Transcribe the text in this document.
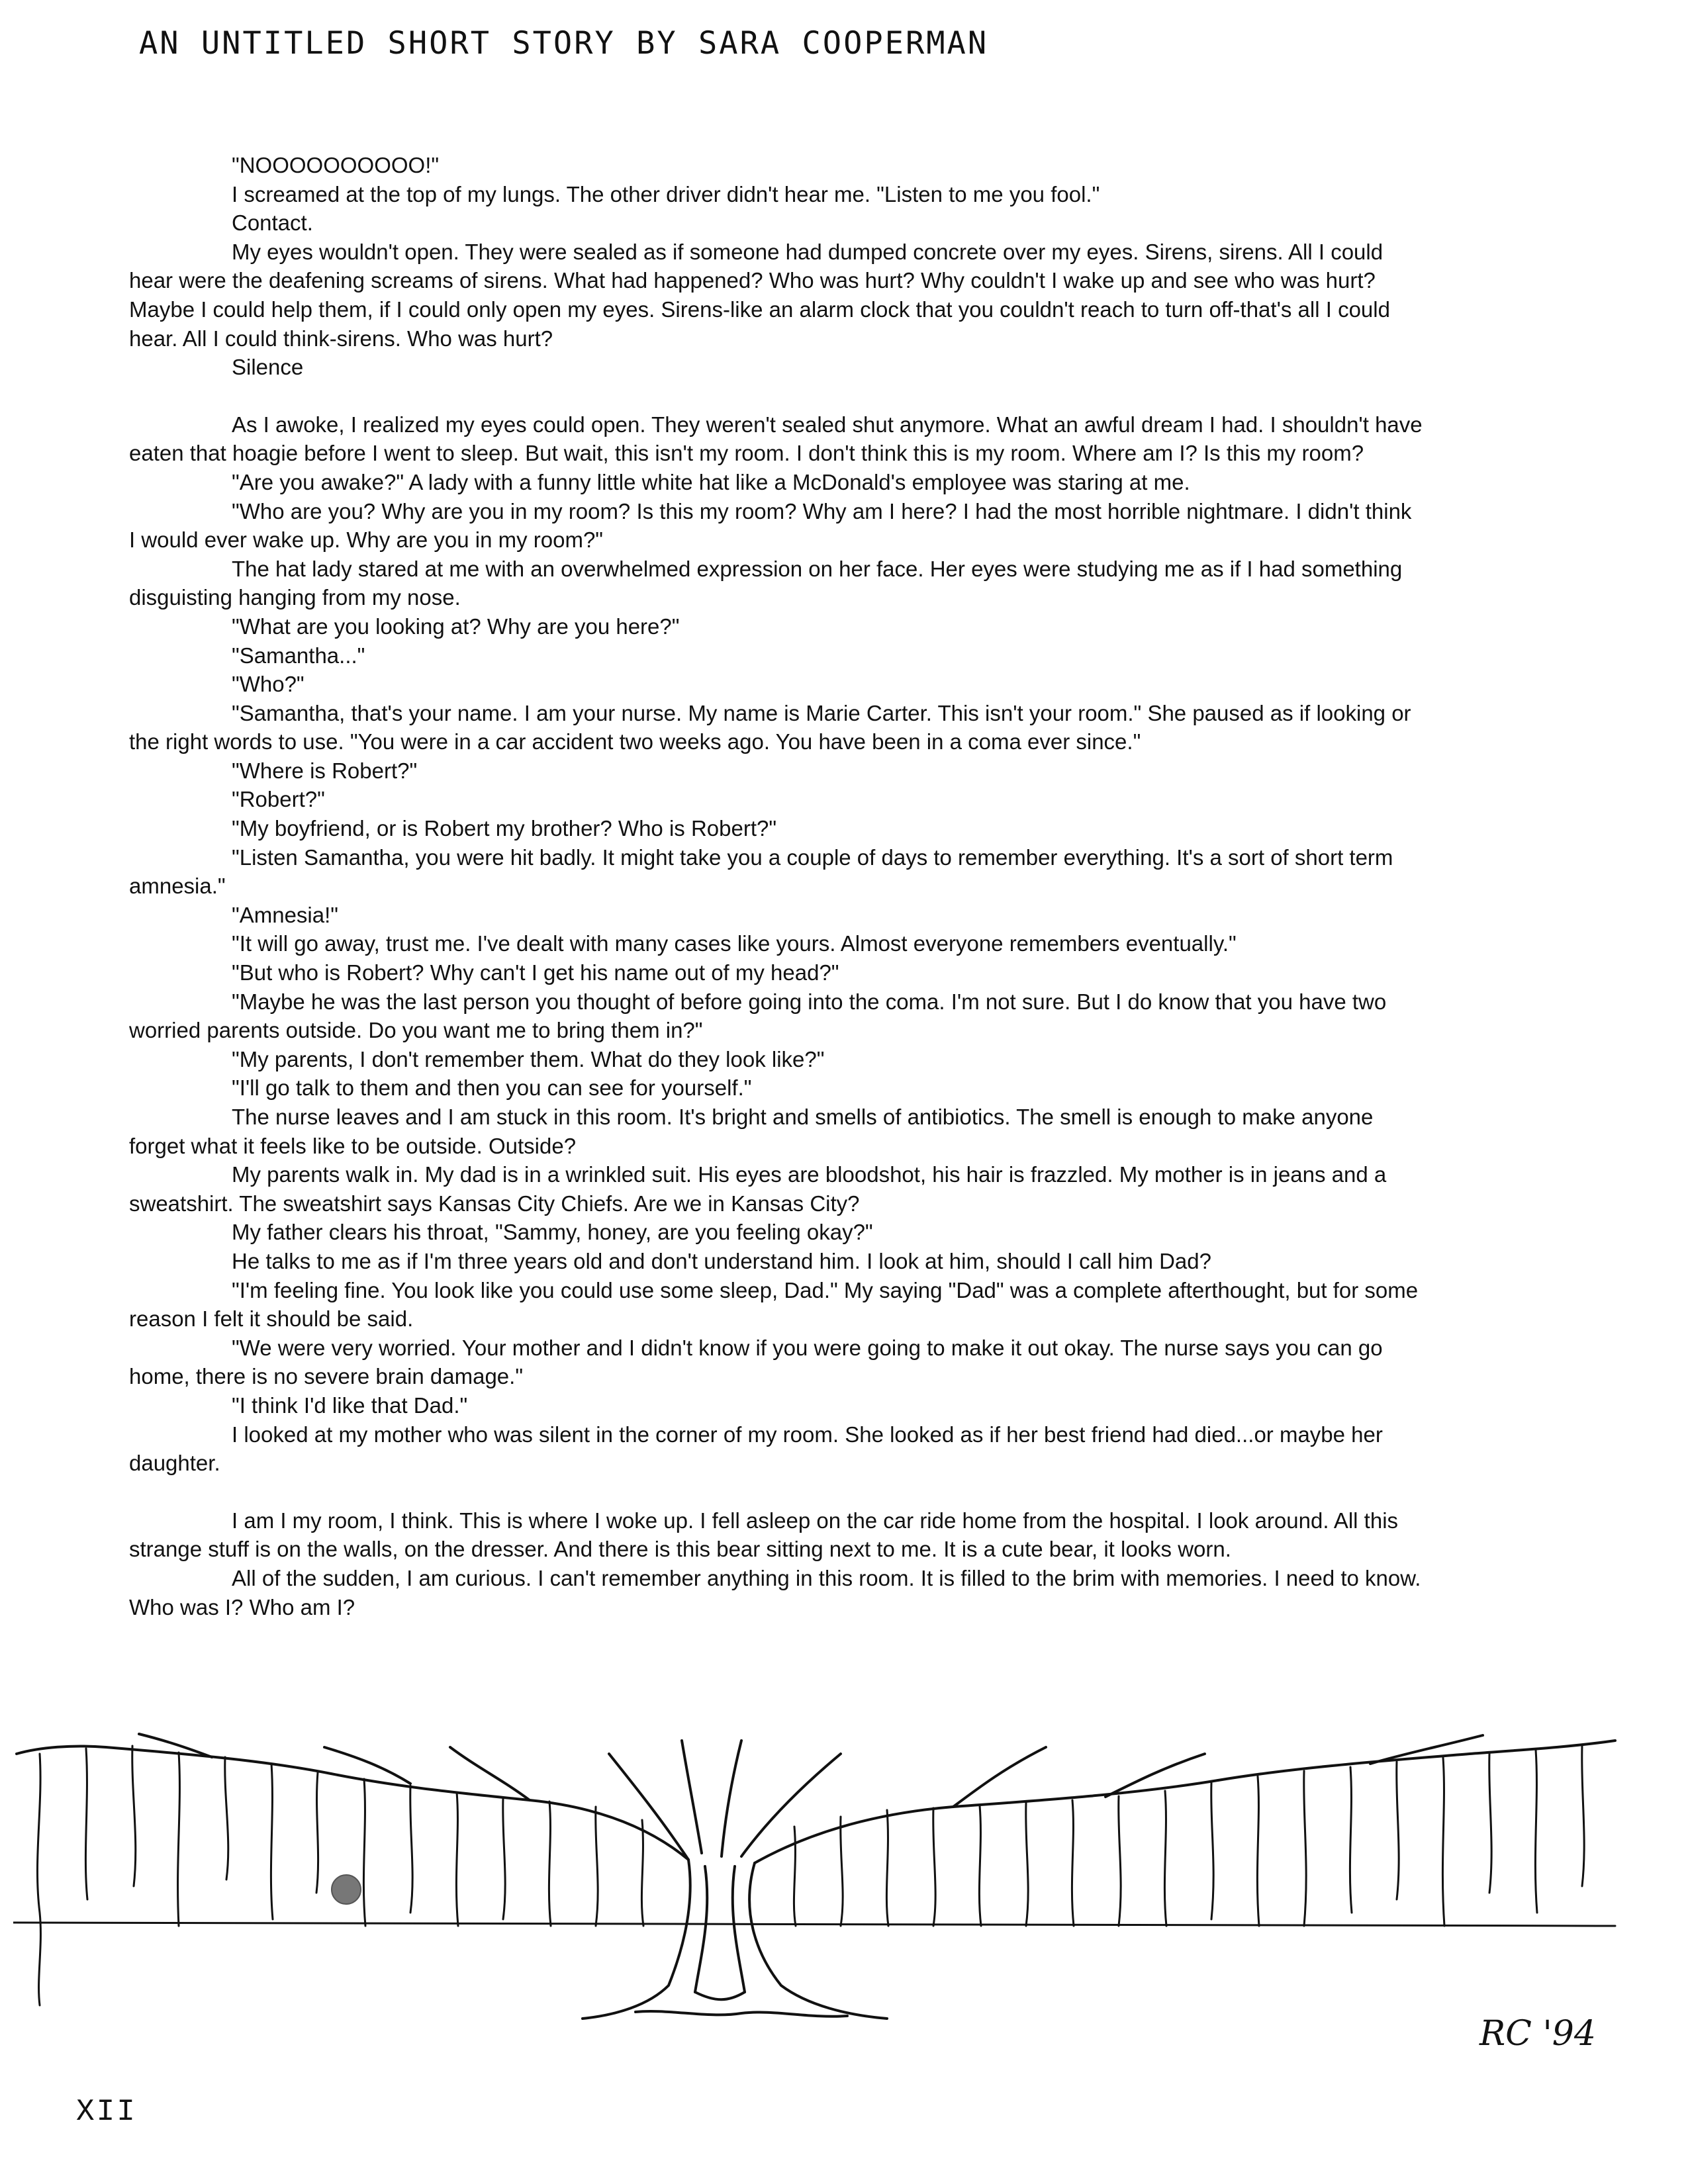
AN UNTITLED SHORT STORY BY SARA COOPERMAN

"NOOOOOOOOOO!"

I screamed at the top of my lungs. The other driver didn't hear me. "Listen to me you fool."

Contact.

My eyes wouldn't open. They were sealed as if someone had dumped concrete over my eyes. Sirens, sirens. All I could hear were the deafening screams of sirens. What had happened? Who was hurt? Why couldn't I wake up and see who was hurt? Maybe I could help them, if I could only open my eyes. Sirens-like an alarm clock that you couldn't reach to turn off-that's all I could hear. All I could think-sirens. Who was hurt?

Silence

As I awoke, I realized my eyes could open. They weren't sealed shut anymore. What an awful dream I had. I shouldn't have eaten that hoagie before I went to sleep. But wait, this isn't my room. I don't think this is my room. Where am I? Is this my room?

"Are you awake?" A lady with a funny little white hat like a McDonald's employee was staring at me.

"Who are you? Why are you in my room? Is this my room? Why am I here? I had the most horrible nightmare. I didn't think I would ever wake up. Why are you in my room?"

The hat lady stared at me with an overwhelmed expression on her face. Her eyes were studying me as if I had something disguisting hanging from my nose.

"What are you looking at? Why are you here?"

"Samantha..."

"Who?"

"Samantha, that's your name. I am your nurse. My name is Marie Carter. This isn't your room." She paused as if looking or the right words to use. "You were in a car accident two weeks ago. You have been in a coma ever since."

"Where is Robert?"

"Robert?"

"My boyfriend, or is Robert my brother? Who is Robert?"

"Listen Samantha, you were hit badly. It might take you a couple of days to remember everything. It's a sort of short term amnesia."

"Amnesia!"

"It will go away, trust me. I've dealt with many cases like yours. Almost everyone remembers eventually."

"But who is Robert? Why can't I get his name out of my head?"

"Maybe he was the last person you thought of before going into the coma. I'm not sure. But I do know that you have two worried parents outside. Do you want me to bring them in?"

"My parents, I don't remember them. What do they look like?"

"I'll go talk to them and then you can see for yourself."

The nurse leaves and I am stuck in this room. It's bright and smells of antibiotics. The smell is enough to make anyone forget what it feels like to be outside. Outside?

My parents walk in. My dad is in a wrinkled suit. His eyes are bloodshot, his hair is frazzled. My mother is in jeans and a sweatshirt. The sweatshirt says Kansas City Chiefs. Are we in Kansas City?

My father clears his throat, "Sammy, honey, are you feeling okay?"

He talks to me as if I'm three years old and don't understand him. I look at him, should I call him Dad?

"I'm feeling fine. You look like you could use some sleep, Dad." My saying "Dad" was a complete afterthought, but for some reason I felt it should be said.

"We were very worried. Your mother and I didn't know if you were going to make it out okay. The nurse says you can go home, there is no severe brain damage."

"I think I'd like that Dad."

I looked at my mother who was silent in the corner of my room. She looked as if her best friend had died...or maybe her daughter.

I am I my room, I think. This is where I woke up. I fell asleep on the car ride home from the hospital. I look around. All this strange stuff is on the walls, on the dresser. And there is this bear sitting next to me. It is a cute bear, it looks worn.

All of the sudden, I am curious. I can't remember anything in this room. It is filled to the brim with memories. I need to know. Who was I? Who am I?

RC '94
XII
